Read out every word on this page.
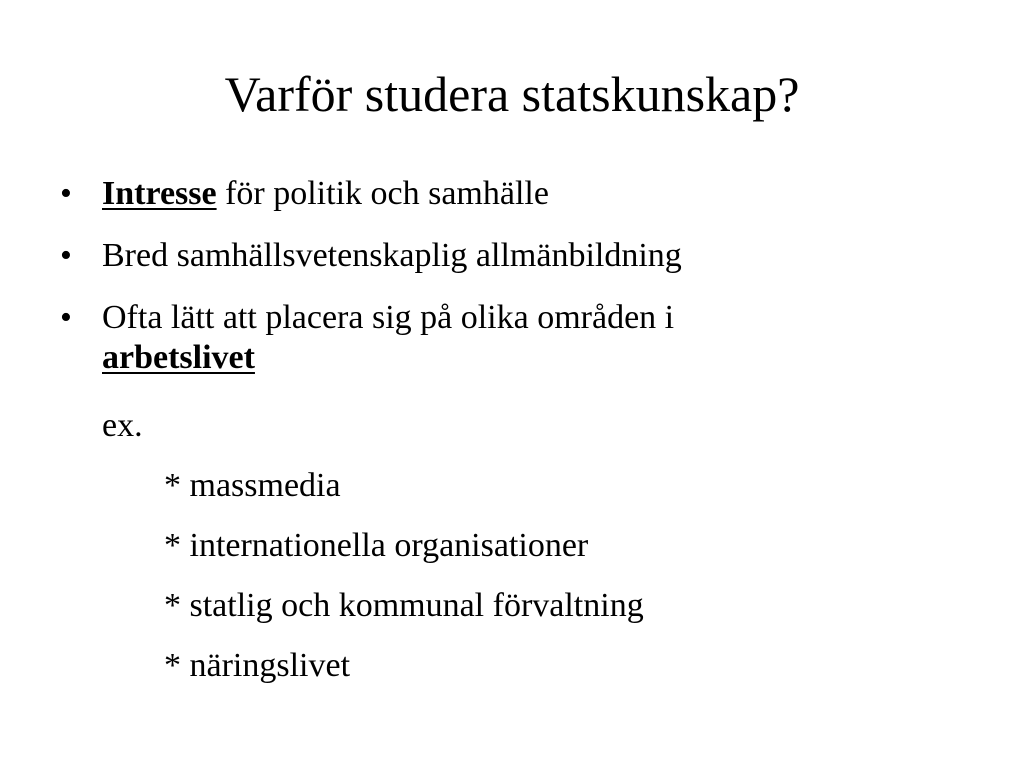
Varför studera statskunskap?
• Intresse för politik och samhälle
• Bred samhällsvetenskaplig allmänbildning
• Ofta lätt att placera sig på olika områden i
arbetslivet
ex.
* massmedia
* internationella organisationer
* statlig och kommunal förvaltning
* näringslivet
